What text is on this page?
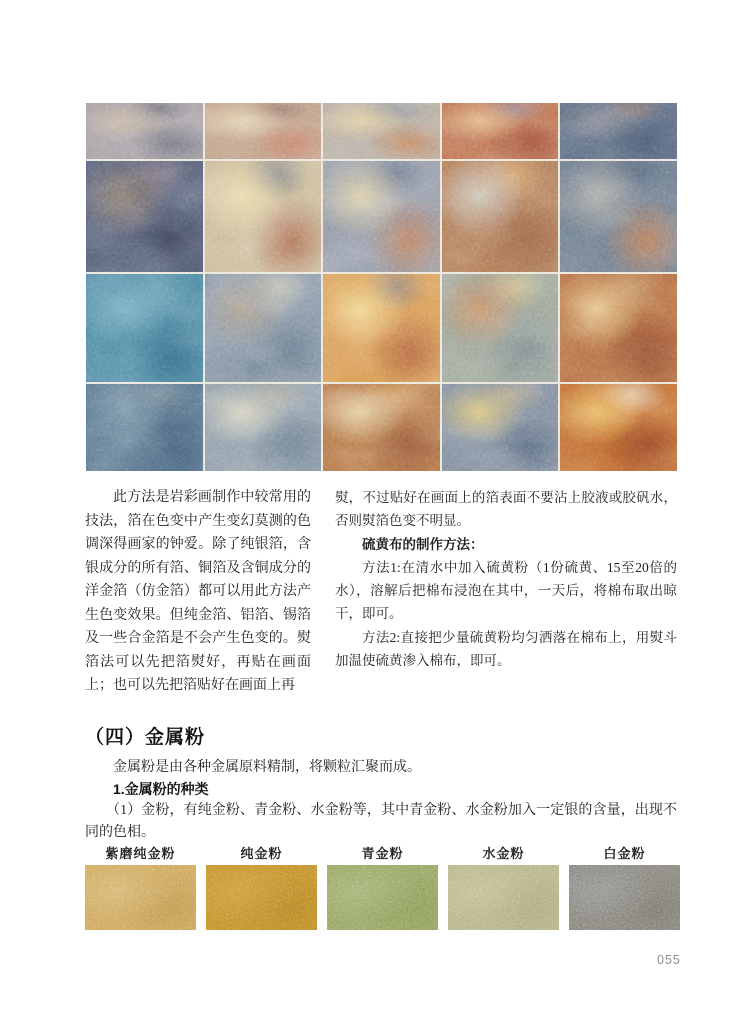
此方法是岩彩画制作中较常用的技法，箔在色变中产生变幻莫测的色调深得画家的钟爱。除了纯银箔，含银成分的所有箔、铜箔及含铜成分的洋金箔（仿金箔）都可以用此方法产生色变效果。但纯金箔、铝箔、锡箔及一些合金箔是不会产生色变的。熨箔法可以先把箔熨好，再贴在画面上；也可以先把箔贴好在画面上再

熨，不过贴好在画面上的箔表面不要沾上胶液或胶矾水，否则熨箔色变不明显。

硫黄布的制作方法：

方法1:在清水中加入硫黄粉（1份硫黄、15至20倍的水），溶解后把棉布浸泡在其中，一天后，将棉布取出晾干，即可。

方法2:直接把少量硫黄粉均匀洒落在棉布上，用熨斗加温使硫黄渗入棉布，即可。

（四）金属粉

金属粉是由各种金属原料精制，将颗粒汇聚而成。

1.金属粉的种类

（1）金粉，有纯金粉、青金粉、水金粉等，其中青金粉、水金粉加入一定银的含量，出现不同的色相。

紫磨纯金粉	纯金粉	青金粉	水金粉	白金粉
055
